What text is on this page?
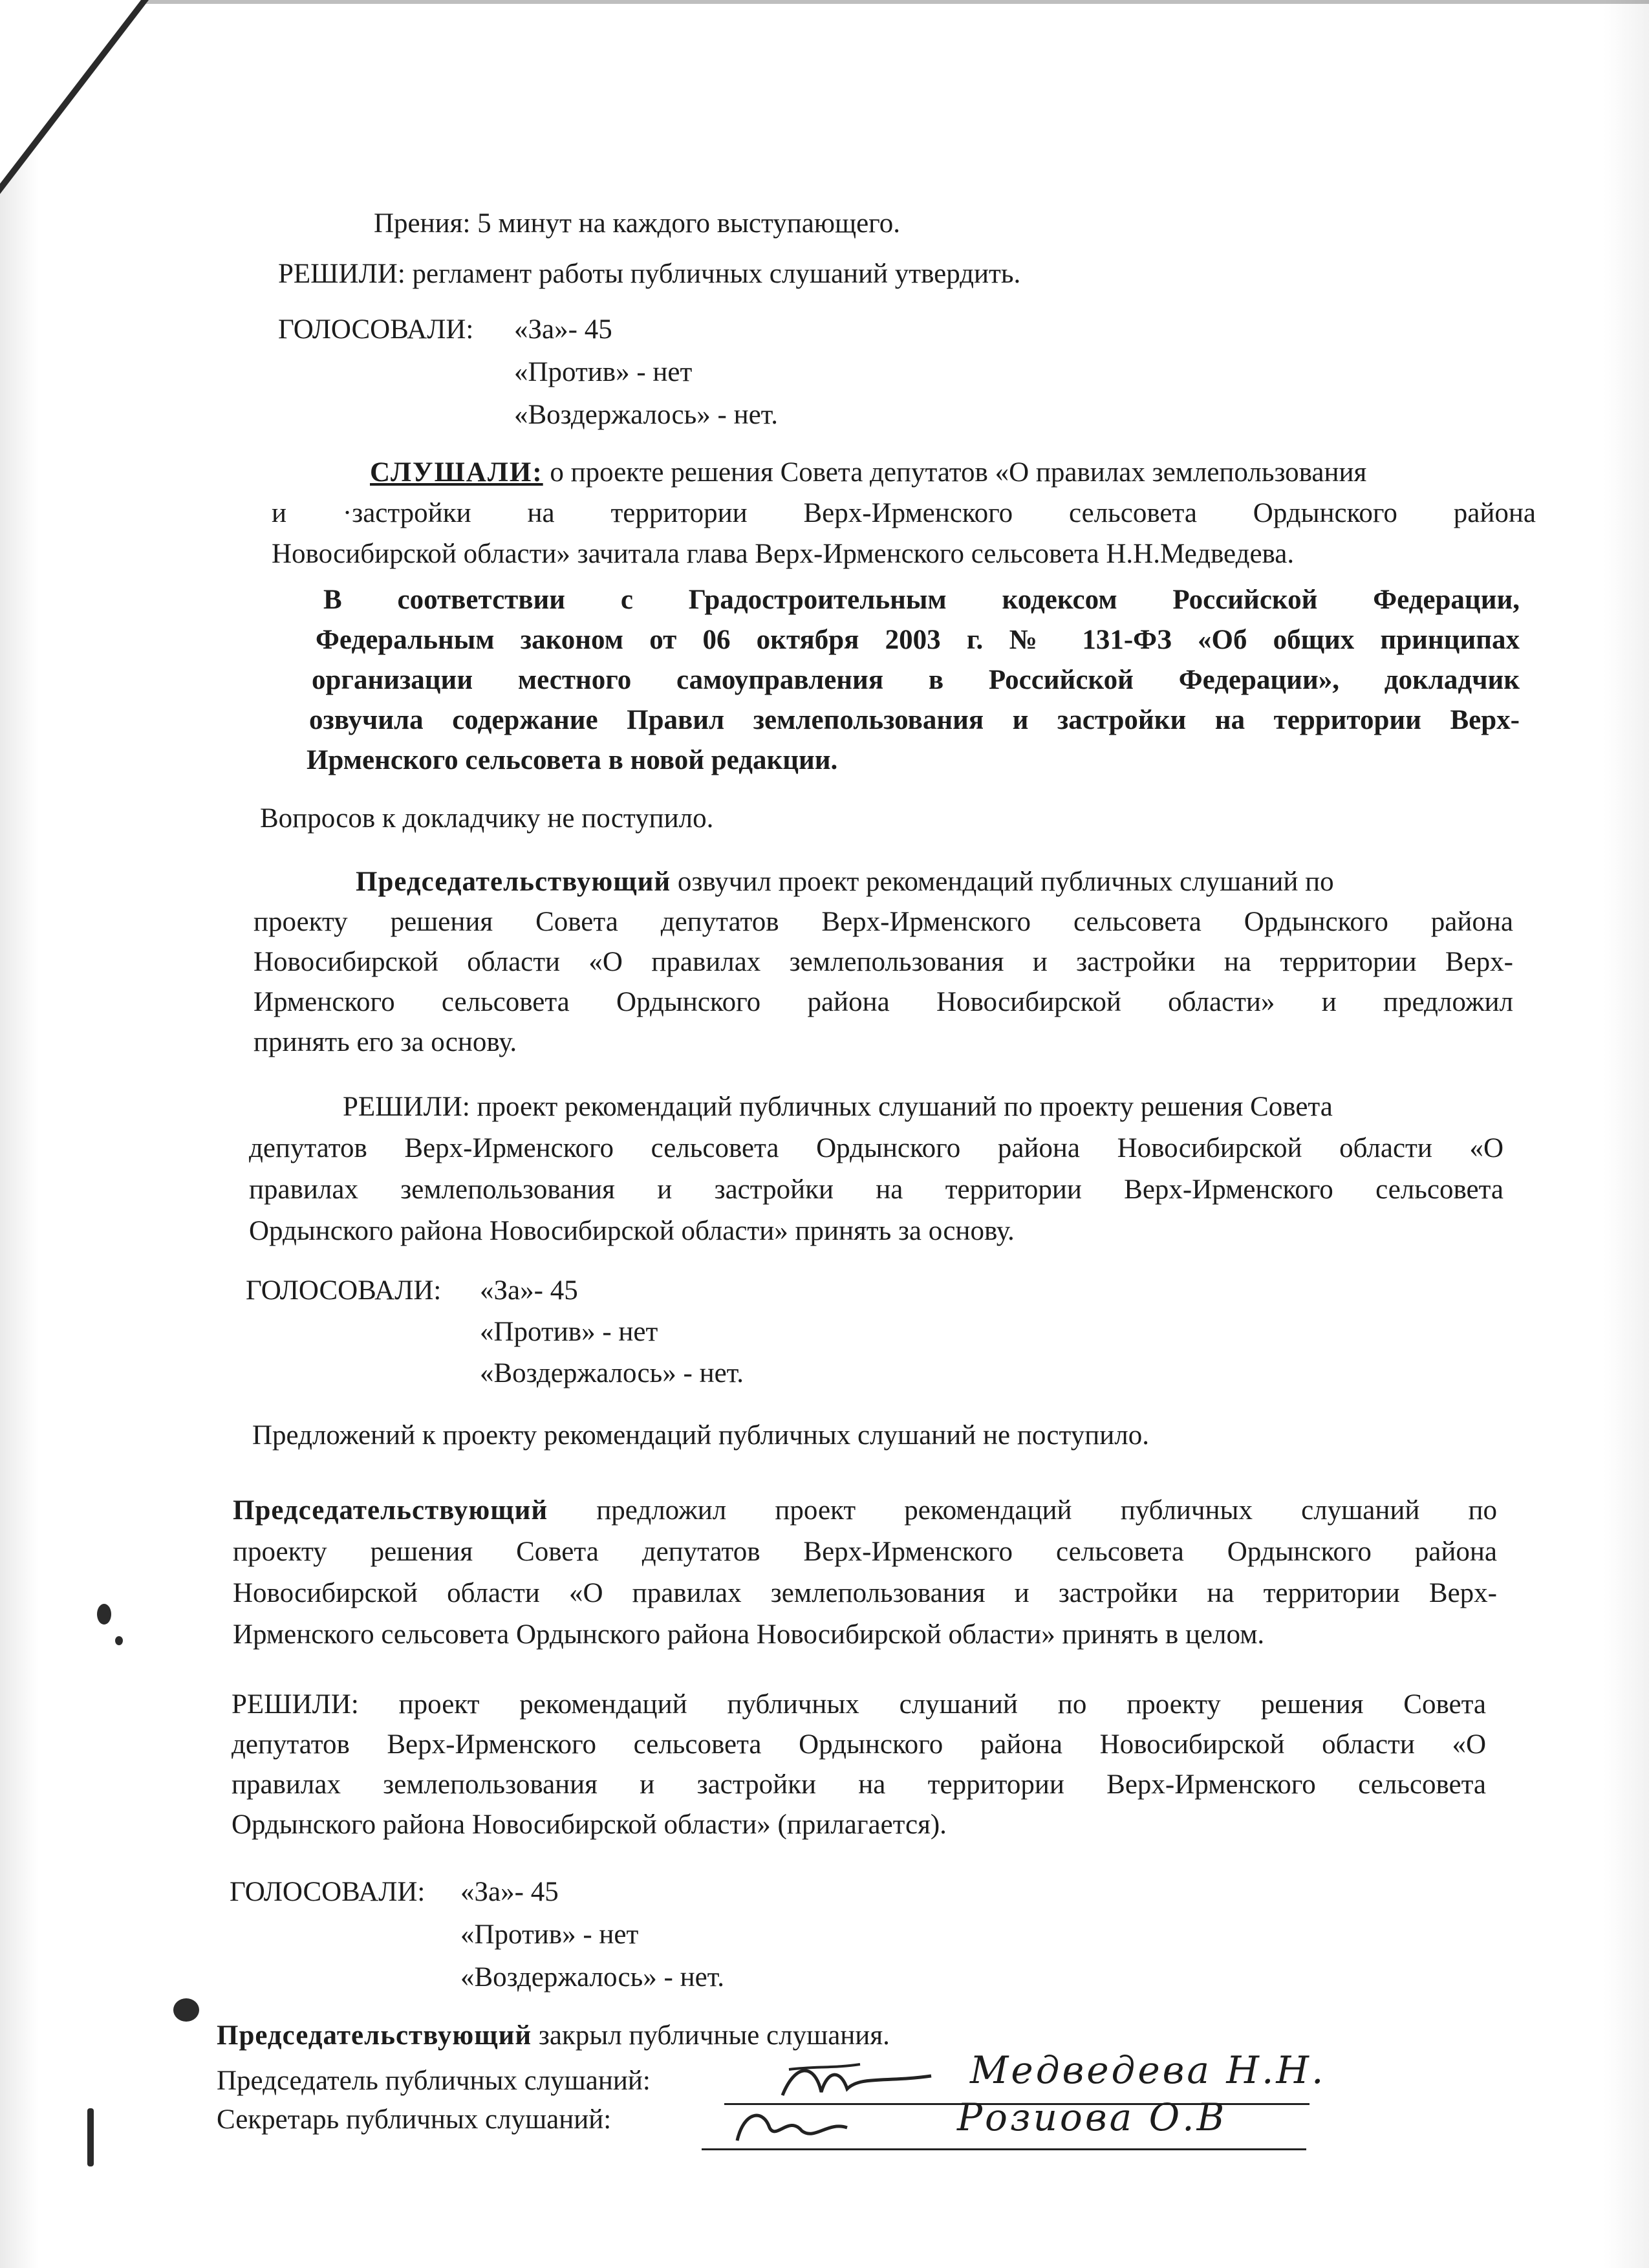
Прения: 5 минут на каждого выступающего.
РЕШИЛИ: регламент работы публичных слушаний утвердить.
ГОЛОСОВАЛИ: «За»- 45
«Против» - нет
«Воздержалось» - нет.
СЛУШАЛИ: о проекте решения Совета депутатов «О правилах землепользования
и ·застройки на территории Верх-Ирменского сельсовета Ордынского района
Новосибирской области» зачитала глава Верх-Ирменского сельсовета Н.Н.Медведева.
В соответствии с Градостроительным кодексом Российской Федерации,
Федеральным законом от 06 октября 2003 г. № 131-ФЗ «Об общих принципах
организации местного самоуправления в Российской Федерации», докладчик
озвучила содержание Правил землепользования и застройки на территории Верх-
Ирменского сельсовета в новой редакции.
Вопросов к докладчику не поступило.
Председательствующий озвучил проект рекомендаций публичных слушаний по
проекту решения Совета депутатов Верх-Ирменского сельсовета Ордынского района
Новосибирской области «О правилах землепользования и застройки на территории Верх-
Ирменского сельсовета Ордынского района Новосибирской области» и предложил
принять его за основу.
РЕШИЛИ: проект рекомендаций публичных слушаний по проекту решения Совета
депутатов Верх-Ирменского сельсовета Ордынского района Новосибирской области «О
правилах землепользования и застройки на территории Верх-Ирменского сельсовета
Ордынского района Новосибирской области» принять за основу.
ГОЛОСОВАЛИ: «За»- 45
«Против» - нет
«Воздержалось» - нет.
Предложений к проекту рекомендаций публичных слушаний не поступило.
Председательствующий предложил проект рекомендаций публичных слушаний по
проекту решения Совета депутатов Верх-Ирменского сельсовета Ордынского района
Новосибирской области «О правилах землепользования и застройки на территории Верх-
Ирменского сельсовета Ордынского района Новосибирской области» принять в целом.
РЕШИЛИ: проект рекомендаций публичных слушаний по проекту решения Совета
депутатов Верх-Ирменского сельсовета Ордынского района Новосибирской области «О
правилах землепользования и застройки на территории Верх-Ирменского сельсовета
Ордынского района Новосибирской области» (прилагается).
ГОЛОСОВАЛИ: «За»- 45
«Против» - нет
«Воздержалось» - нет.
Председательствующий закрыл публичные слушания.
Председатель публичных слушаний:	Медведева Н.Н.
Секретарь публичных слушаний:	Розиова О.В
